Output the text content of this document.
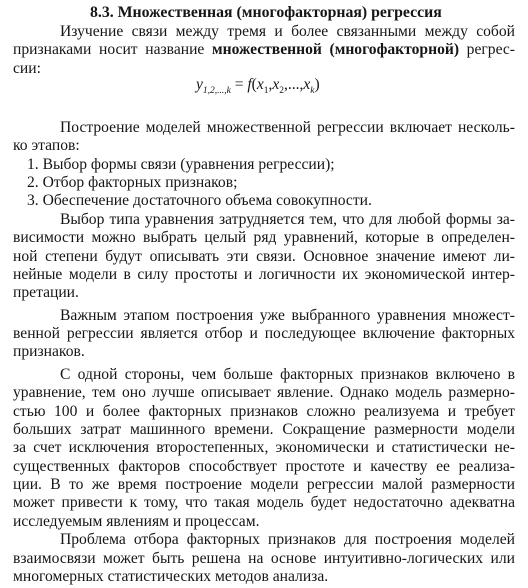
8.3. Множественная (многофакторная) регрессия
Изучение связи между тремя и более связанными между собой
признаками носит название множественной (многофакторной) регрес-
сии:
$y_{1,2,...,k} = f(x_1,x_2,...,x_k)$
Построение моделей множественной регрессии включает несколь-
ко этапов:
1. Выбор формы связи (уравнения регрессии);
2. Отбор факторных признаков;
3. Обеспечение достаточного объема совокупности.
Выбор типа уравнения затрудняется тем, что для любой формы за-
висимости можно выбрать целый ряд уравнений, которые в определен-
ной степени будут описывать эти связи. Основное значение имеют ли-
нейные модели в силу простоты и логичности их экономической интер-
претации.
Важным этапом построения уже выбранного уравнения множест-
венной регрессии является отбор и последующее включение факторных
признаков.
С одной стороны, чем больше факторных признаков включено в
уравнение, тем оно лучше описывает явление. Однако модель размерно-
стью 100 и более факторных признаков сложно реализуема и требует
больших затрат машинного времени. Сокращение размерности модели
за счет исключения второстепенных, экономически и статистически не-
существенных факторов способствует простоте и качеству ее реализа-
ции. В то же время построение модели регрессии малой размерности
может привести к тому, что такая модель будет недостаточно адекватна
исследуемым явлениям и процессам.
Проблема отбора факторных признаков для построения моделей
взаимосвязи может быть решена на основе интуитивно-логических или
многомерных статистических методов анализа.
